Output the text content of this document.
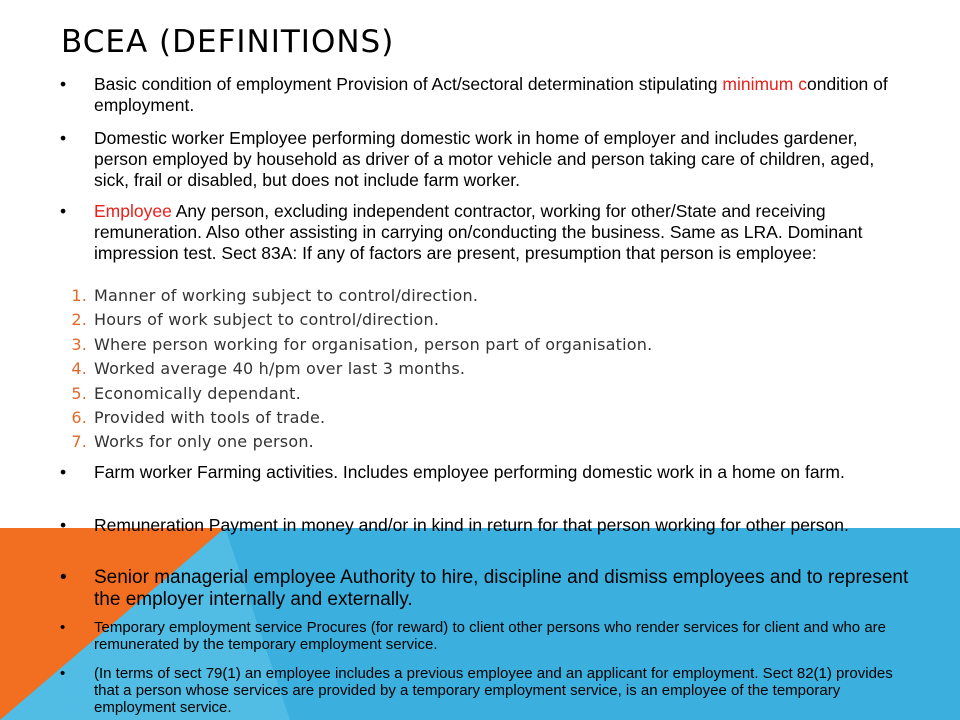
BCEA (DEFINITIONS)
• Basic condition of employment Provision of Act/sectoral determination stipulating minimum condition of employment.
• Domestic worker Employee performing domestic work in home of employer and includes gardener, person employed by household as driver of a motor vehicle and person taking care of children, aged, sick, frail or disabled, but does not include farm worker.
• Employee Any person, excluding independent contractor, working for other/State and receiving remuneration. Also other assisting in carrying on/conducting the business. Same as LRA. Dominant impression test. Sect 83A: If any of factors are present, presumption that person is employee:
1. Manner of working subject to control/direction.
2. Hours of work subject to control/direction.
3. Where person working for organisation, person part of organisation.
4. Worked average 40 h/pm over last 3 months.
5. Economically dependant.
6. Provided with tools of trade.
7. Works for only one person.
• Farm worker Farming activities. Includes employee performing domestic work in a home on farm.
• Remuneration Payment in money and/or in kind in return for that person working for other person.
• Senior managerial employee Authority to hire, discipline and dismiss employees and to represent the employer internally and externally.
• Temporary employment service Procures (for reward) to client other persons who render services for client and who are remunerated by the temporary employment service.
• (In terms of sect 79(1) an employee includes a previous employee and an applicant for employment. Sect 82(1) provides that a person whose services are provided by a temporary employment service, is an employee of the temporary employment service.
